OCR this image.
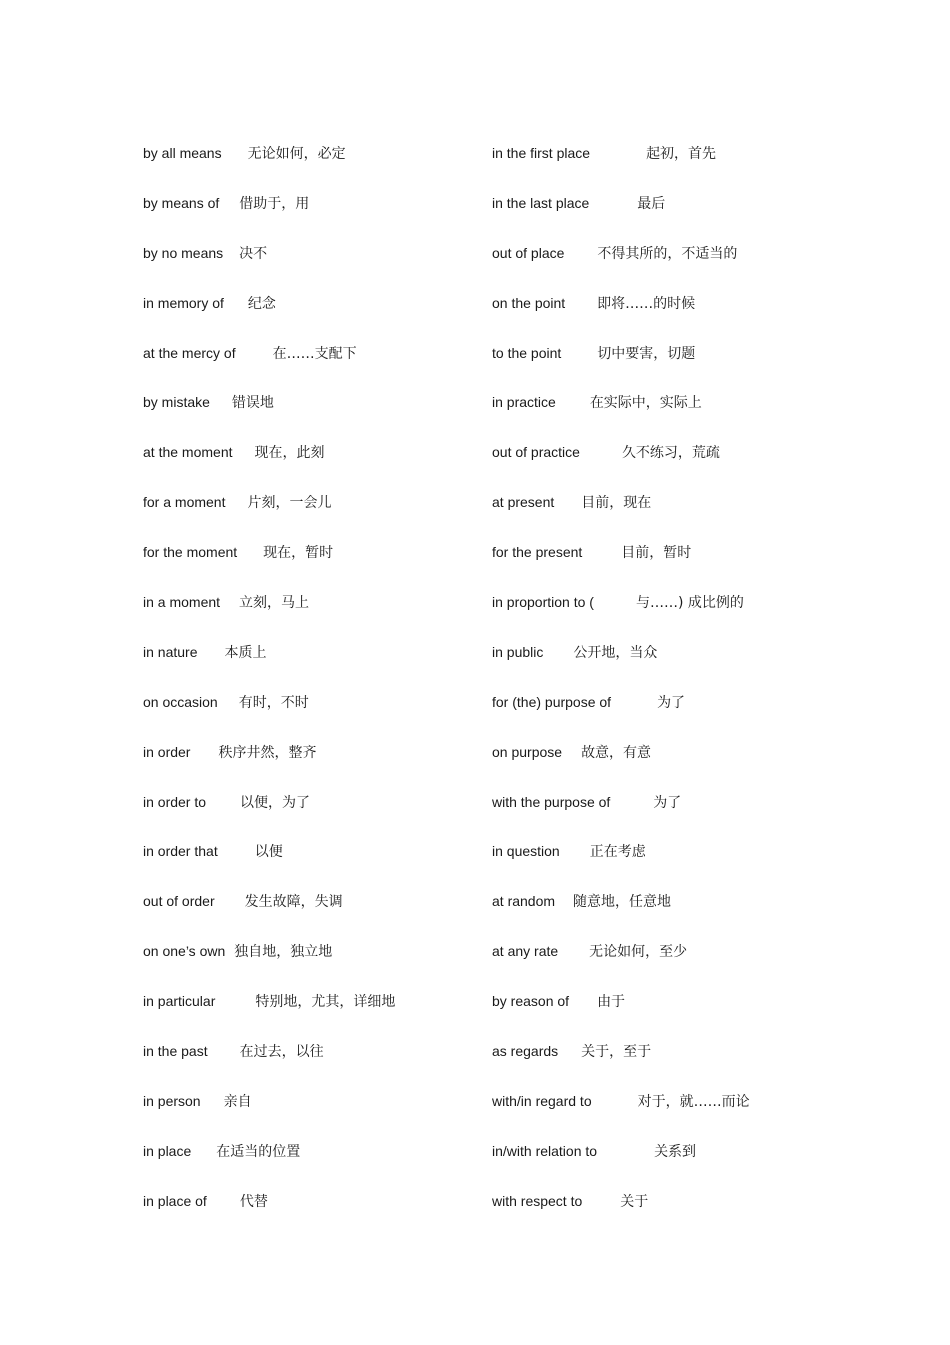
by all means 无论如何，必定
by means of 借助于，用
by no means 决不
in memory of 纪念
at the mercy of	在……支配下
by mistake 错误地
at the moment 现在，此刻
for a moment 片刻，一会儿
for the moment 现在，暂时
in a moment 立刻，马上
in nature 本质上
on occasion 有时，不时
in order 秩序井然，整齐
in order to 以便，为了
in order that	以便
out of order 发生故障，失调
on one’s own 独自地，独立地
in particular	特别地，尤其，详细地
in the past 在过去，以往
in person 亲自
in place 在适当的位置
in place of 代替
in the first place	起初，首先
in the last place	最后
out of place 不得其所的，不适当的
on the point 即将……的时候
to the point	切中要害，切题
in practice 在实际中，实际上
out of practice	久不练习，荒疏
at present 目前，现在
for the present	目前，暂时
in proportion to (	与……) 成比例的
in public 公开地，当众
for (the) purpose of	为了
on purpose 故意，有意
with the purpose of	为了
in question 正在考虑
at random 随意地，任意地
at any rate 无论如何，至少
by reason of 由于
as regards 关于，至于
with/in regard to	对于，就……而论
in/with relation to	关系到
with respect to	关于
